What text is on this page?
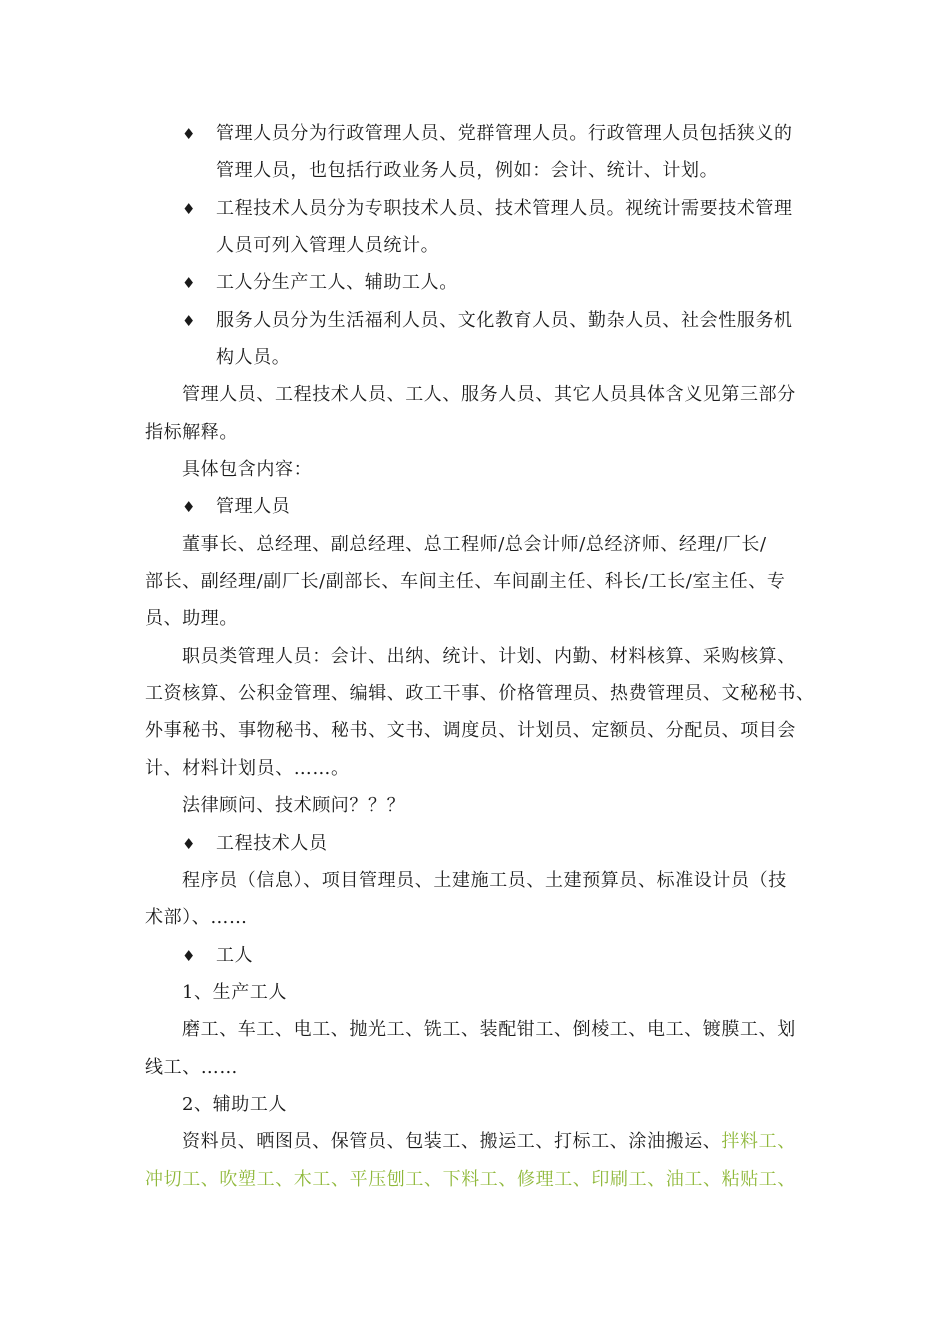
♦ 管理人员分为行政管理人员、党群管理人员。行政管理人员包括狭义的
管理人员，也包括行政业务人员，例如：会计、统计、计划。
♦ 工程技术人员分为专职技术人员、技术管理人员。视统计需要技术管理
人员可列入管理人员统计。
♦ 工人分生产工人、辅助工人。
♦ 服务人员分为生活福利人员、文化教育人员、勤杂人员、社会性服务机
构人员。
管理人员、工程技术人员、工人、服务人员、其它人员具体含义见第三部分
指标解释。
具体包含内容：
♦ 管理人员
董事长、总经理、副总经理、总工程师/总会计师/总经济师、经理/厂长/
部长、副经理/副厂长/副部长、车间主任、车间副主任、科长/工长/室主任、专
员、助理。
职员类管理人员：会计、出纳、统计、计划、内勤、材料核算、采购核算、
工资核算、公积金管理、编辑、政工干事、价格管理员、热费管理员、文秘秘书、
外事秘书、事物秘书、秘书、文书、调度员、计划员、定额员、分配员、项目会
计、材料计划员、……。
法律顾问、技术顾问？？？
♦ 工程技术人员
程序员（信息）、项目管理员、土建施工员、土建预算员、标准设计员（技
术部）、……
♦ 工人
1、生产工人
磨工、车工、电工、抛光工、铣工、装配钳工、倒棱工、电工、镀膜工、划
线工、……
2、辅助工人
资料员、晒图员、保管员、包装工、搬运工、打标工、涂油搬运、拌料工、
冲切工、吹塑工、木工、平压刨工、下料工、修理工、印刷工、油工、粘贴工、
